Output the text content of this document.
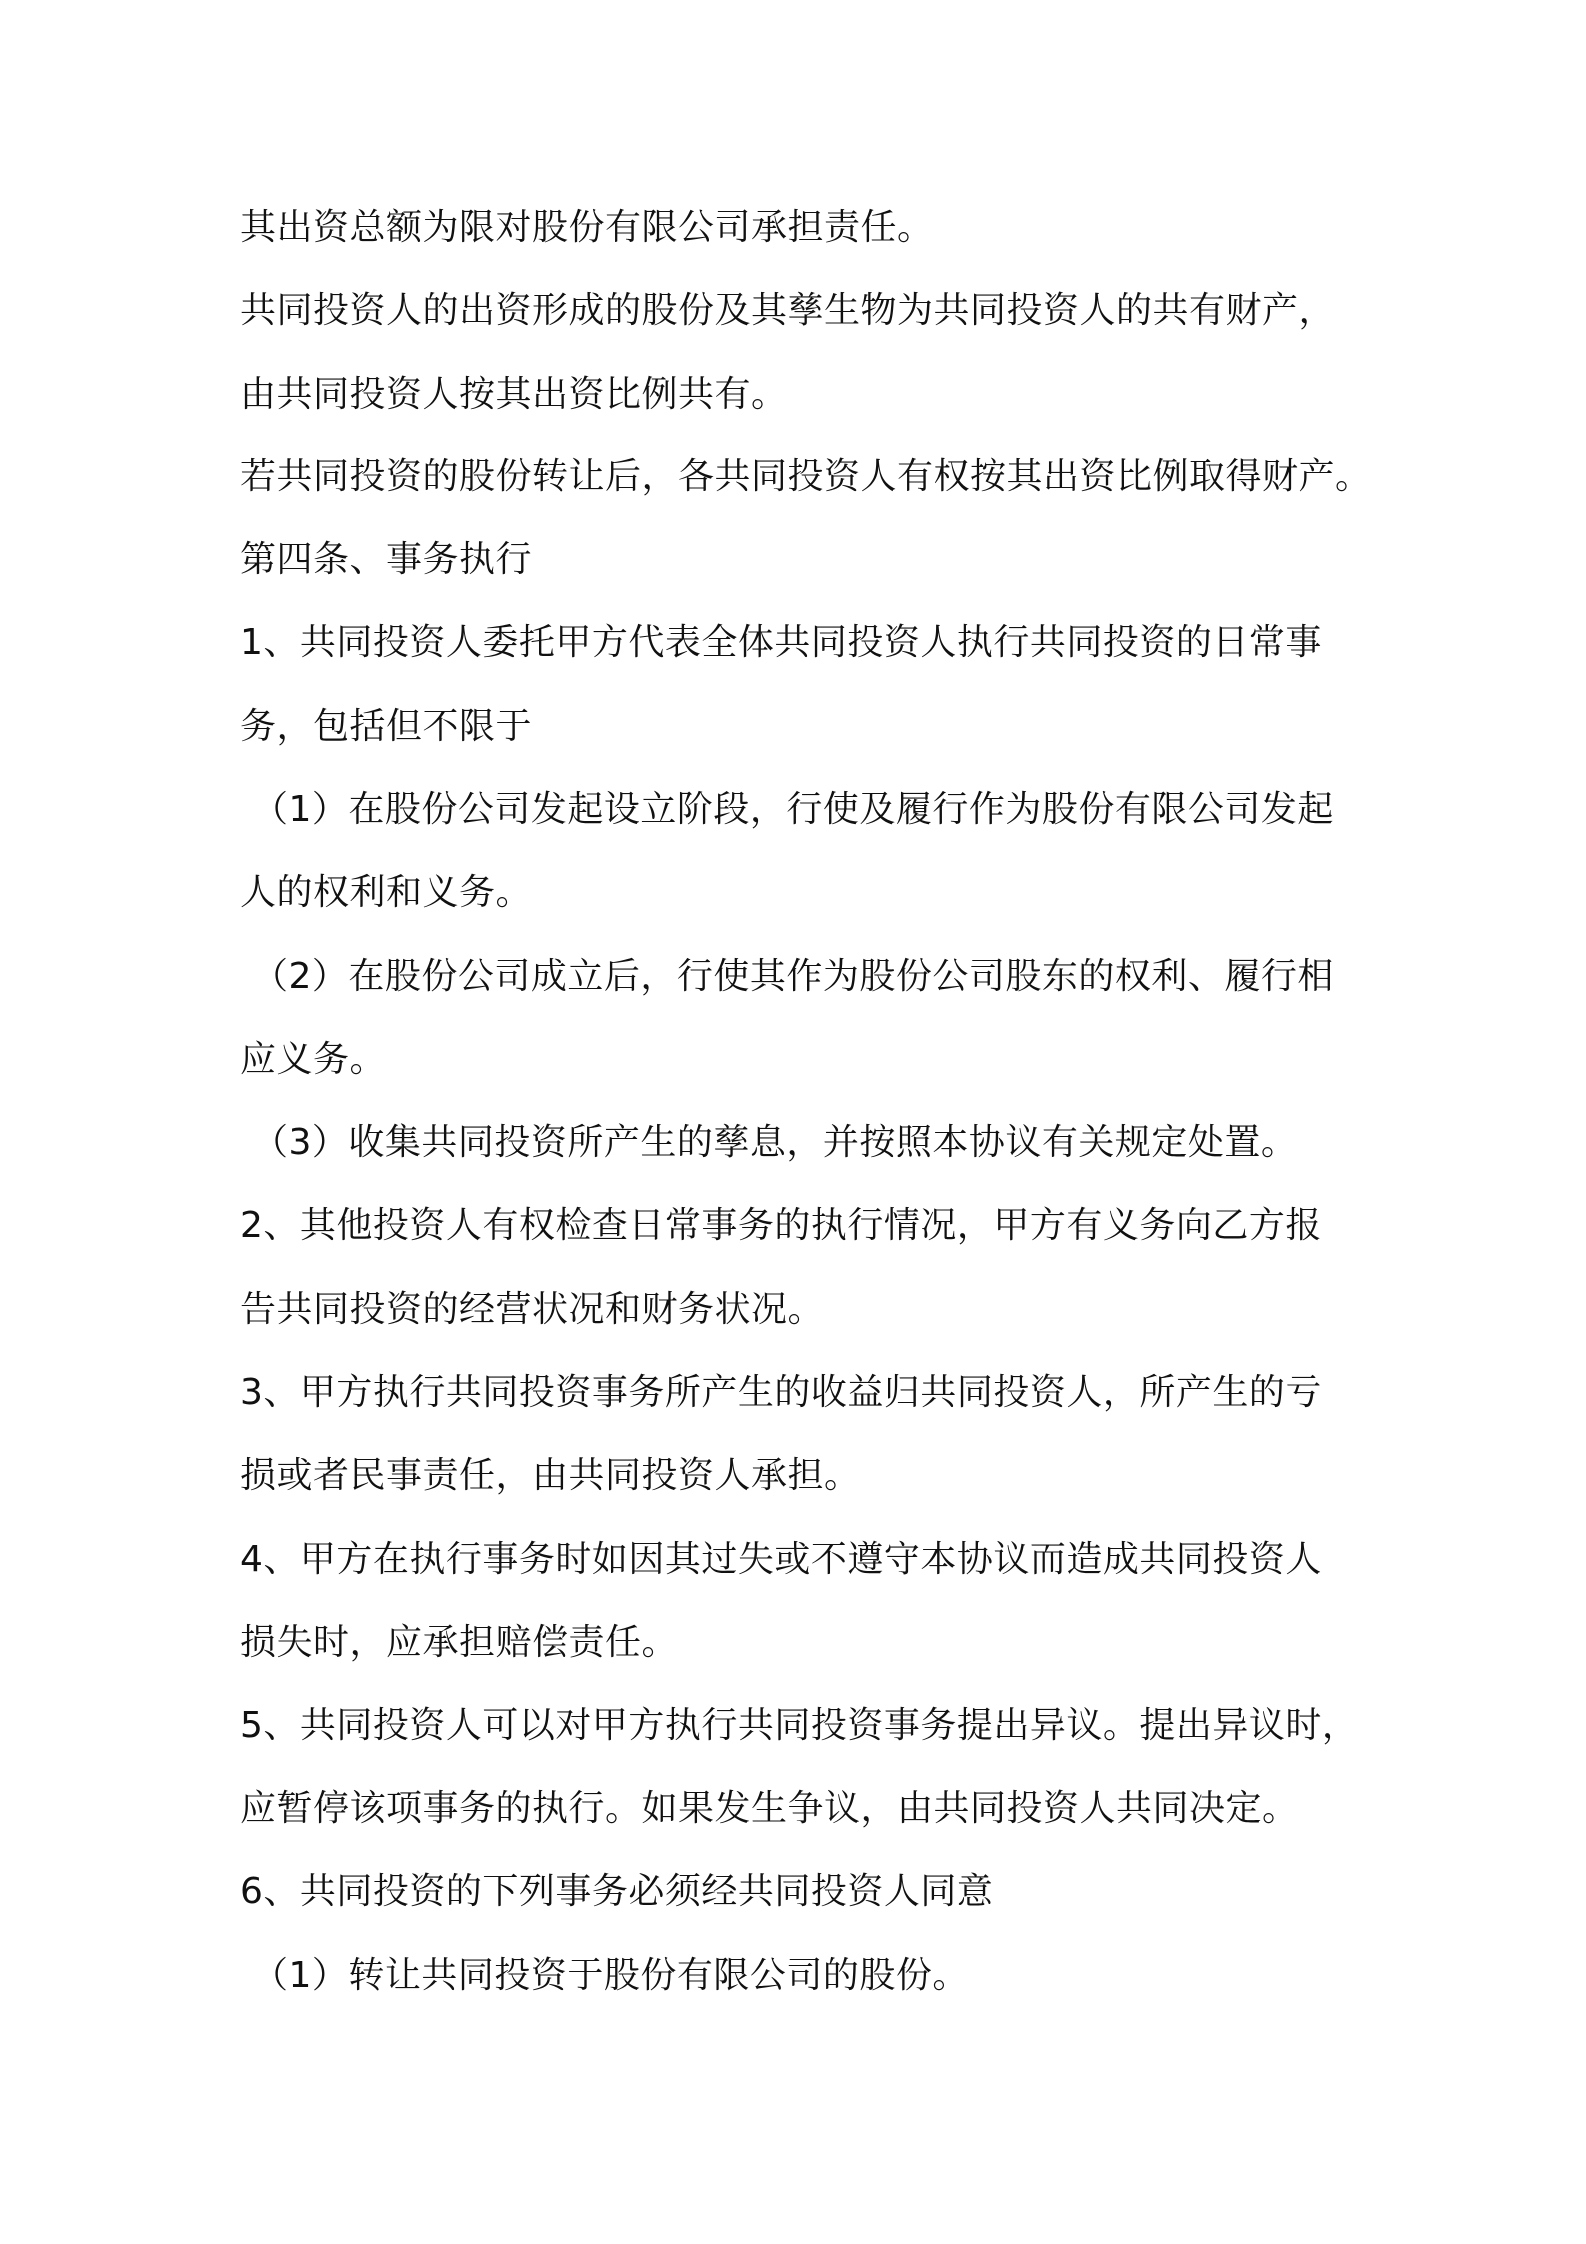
其出资总额为限对股份有限公司承担责任。
共同投资人的出资形成的股份及其孳生物为共同投资人的共有财产，
由共同投资人按其出资比例共有。
若共同投资的股份转让后，各共同投资人有权按其出资比例取得财产。
第四条、事务执行
1、共同投资人委托甲方代表全体共同投资人执行共同投资的日常事
务，包括但不限于
（1）在股份公司发起设立阶段，行使及履行作为股份有限公司发起
人的权利和义务。
（2）在股份公司成立后，行使其作为股份公司股东的权利、履行相
应义务。
（3）收集共同投资所产生的孳息，并按照本协议有关规定处置。
2、其他投资人有权检查日常事务的执行情况，甲方有义务向乙方报
告共同投资的经营状况和财务状况。
3、甲方执行共同投资事务所产生的收益归共同投资人，所产生的亏
损或者民事责任，由共同投资人承担。
4、甲方在执行事务时如因其过失或不遵守本协议而造成共同投资人
损失时，应承担赔偿责任。
5、共同投资人可以对甲方执行共同投资事务提出异议。提出异议时，
应暂停该项事务的执行。如果发生争议，由共同投资人共同决定。
6、共同投资的下列事务必须经共同投资人同意
（1）转让共同投资于股份有限公司的股份。
